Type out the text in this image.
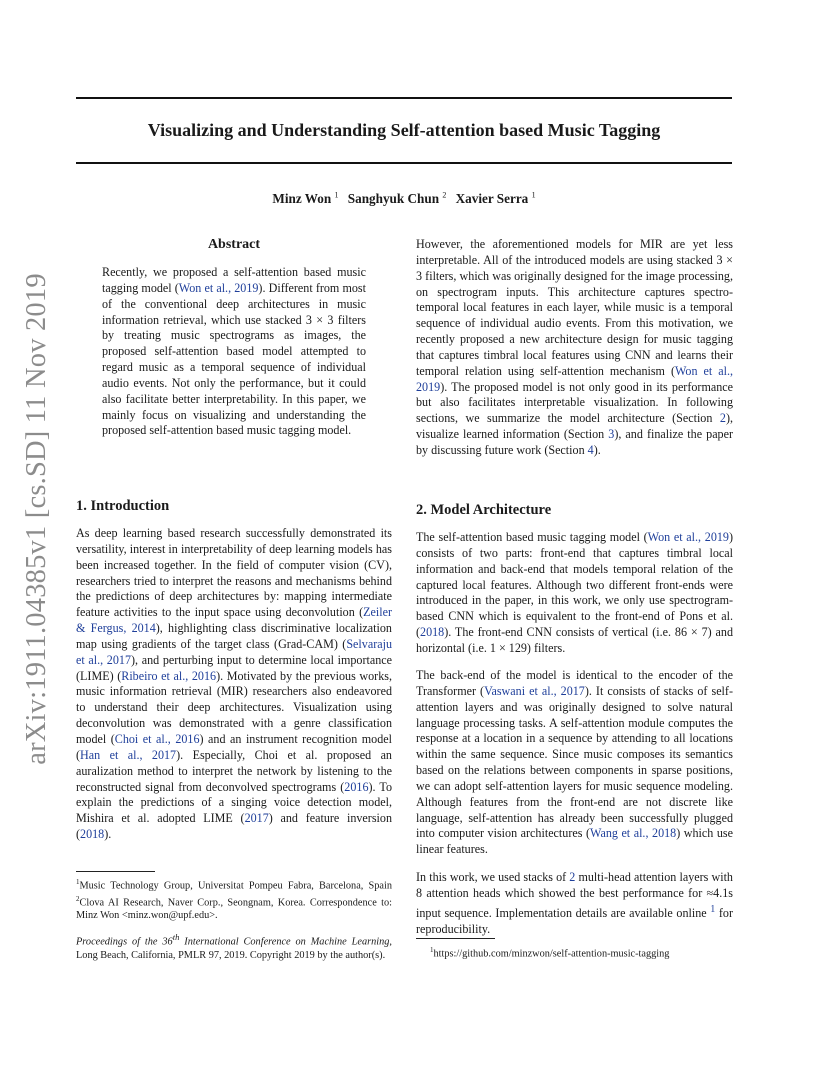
arXiv:1911.04385v1 [cs.SD] 11 Nov 2019
Visualizing and Understanding Self-attention based Music Tagging
Minz Won $^1$ Sanghyuk Chun $^2$ Xavier Serra $^1$
Abstract

Recently, we proposed a self-attention based music tagging model (Won et al., 2019). Different from most of the conventional deep architectures in music information retrieval, which use stacked 3 × 3 filters by treating music spectrograms as images, the proposed self-attention based model attempted to regard music as a temporal sequence of individual audio events. Not only the performance, but it could also facilitate better interpretability. In this paper, we mainly focus on visualizing and understanding the proposed self-attention based music tagging model.

1. Introduction

As deep learning based research successfully demonstrated its versatility, interest in interpretability of deep learning models has been increased together. In the field of computer vision (CV), researchers tried to interpret the reasons and mechanisms behind the predictions of deep architectures by: mapping intermediate feature activities to the input space using deconvolution (Zeiler & Fergus, 2014), highlighting class discriminative localization map using gradients of the target class (Grad-CAM) (Selvaraju et al., 2017), and perturbing input to determine local importance (LIME) (Ribeiro et al., 2016). Motivated by the previous works, music information retrieval (MIR) researchers also endeavored to understand their deep architectures. Visualization using deconvolution was demonstrated with a genre classification model (Choi et al., 2016) and an instrument recognition model (Han et al., 2017). Especially, Choi et al. proposed an auralization method to interpret the network by listening to the reconstructed signal from deconvolved spectrograms (2016). To explain the predictions of a singing voice detection model, Mishira et al. adopted LIME (2017) and feature inversion (2018).

However, the aforementioned models for MIR are yet less interpretable. All of the introduced models are using stacked 3 × 3 filters, which was originally designed for the image processing, on spectrogram inputs. This architecture captures spectro-temporal local features in each layer, while music is a temporal sequence of individual audio events. From this motivation, we recently proposed a new architecture design for music tagging that captures timbral local features using CNN and learns their temporal relation using self-attention mechanism (Won et al., 2019). The proposed model is not only good in its performance but also facilitates interpretable visualization. In following sections, we summarize the model architecture (Section 2), visualize learned information (Section 3), and finalize the paper by discussing future work (Section 4).

2. Model Architecture

The self-attention based music tagging model (Won et al., 2019) consists of two parts: front-end that captures timbral local information and back-end that models temporal relation of the captured local features. Although two different front-ends were introduced in the paper, in this work, we only use spectrogram-based CNN which is equivalent to the front-end of Pons et al. (2018). The front-end CNN consists of vertical (i.e. 86 × 7) and horizontal (i.e. 1 × 129) filters.

The back-end of the model is identical to the encoder of the Transformer (Vaswani et al., 2017). It consists of stacks of self-attention layers and was originally designed to solve natural language processing tasks. A self-attention module computes the response at a location in a sequence by attending to all locations within the same sequence. Since music composes its semantics based on the relations between components in sparse positions, we can adopt self-attention layers for music sequence modeling. Although features from the front-end are not discrete like language, self-attention has already been successfully plugged into computer vision architectures (Wang et al., 2018) which use linear features.

In this work, we used stacks of 2 multi-head attention layers with 8 attention heads which showed the best performance for ≈4.1s input sequence. Implementation details are available online $^1$ for reproducibility.

$^1$Music Technology Group, Universitat Pompeu Fabra, Barcelona, Spain $^2$Clova AI Research, Naver Corp., Seongnam, Korea. Correspondence to: Minz Won <minz.won@upf.edu>.
Proceedings of the 36th International Conference on Machine Learning, Long Beach, California, PMLR 97, 2019. Copyright 2019 by the author(s).	$^1$https://github.com/minzwon/self-attention-music-tagging
